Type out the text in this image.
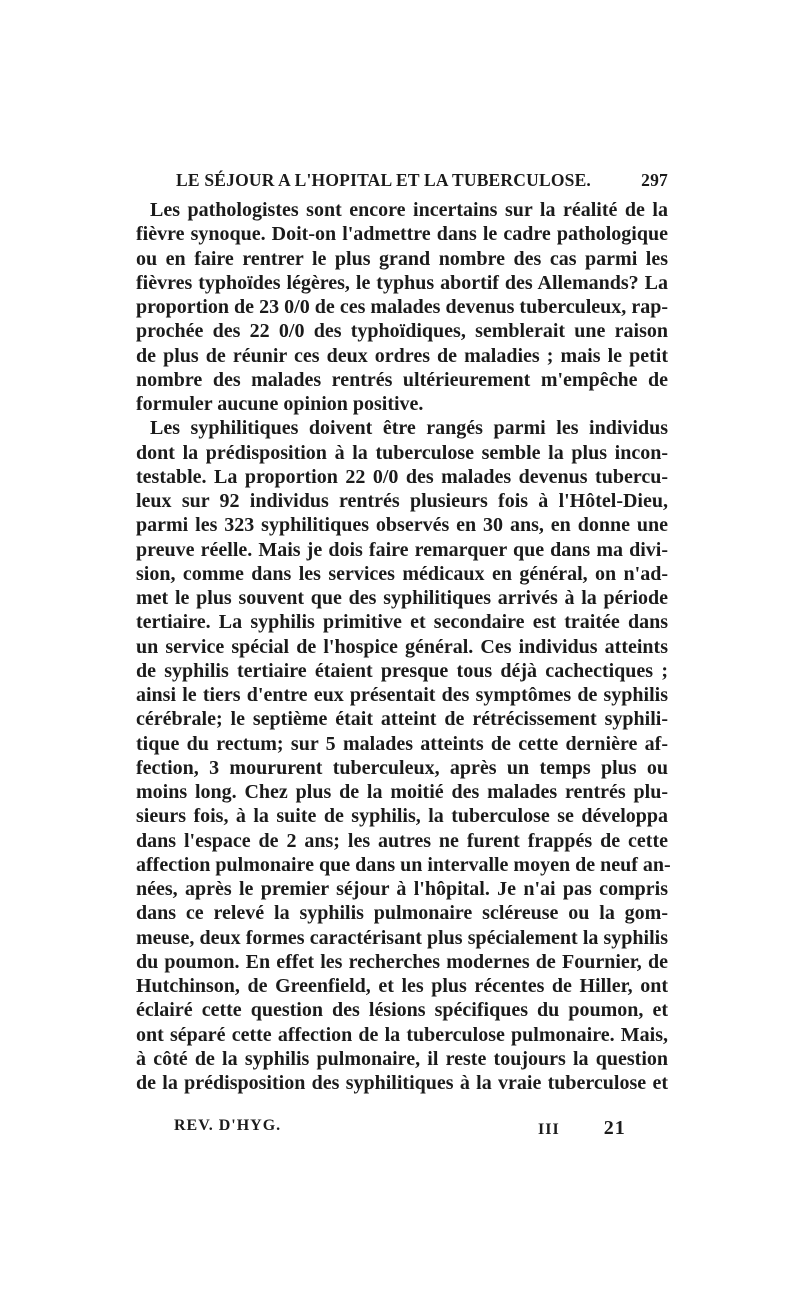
LE SÉJOUR A L'HOPITAL ET LA TUBERCULOSE.	297
Les pathologistes sont encore incertains sur la réalité de la
fièvre synoque. Doit-on l'admettre dans le cadre pathologique
ou en faire rentrer le plus grand nombre des cas parmi les
fièvres typhoïdes légères, le typhus abortif des Allemands? La
proportion de 23 0/0 de ces malades devenus tuberculeux, rap-
prochée des 22 0/0 des typhoïdiques, semblerait une raison
de plus de réunir ces deux ordres de maladies ; mais le petit
nombre des malades rentrés ultérieurement m'empêche de
formuler aucune opinion positive.
Les syphilitiques doivent être rangés parmi les individus
dont la prédisposition à la tuberculose semble la plus incon-
testable. La proportion 22 0/0 des malades devenus tubercu-
leux sur 92 individus rentrés plusieurs fois à l'Hôtel-Dieu,
parmi les 323 syphilitiques observés en 30 ans, en donne une
preuve réelle. Mais je dois faire remarquer que dans ma divi-
sion, comme dans les services médicaux en général, on n'ad-
met le plus souvent que des syphilitiques arrivés à la période
tertiaire. La syphilis primitive et secondaire est traitée dans
un service spécial de l'hospice général. Ces individus atteints
de syphilis tertiaire étaient presque tous déjà cachectiques ;
ainsi le tiers d'entre eux présentait des symptômes de syphilis
cérébrale; le septième était atteint de rétrécissement syphili-
tique du rectum; sur 5 malades atteints de cette dernière af-
fection, 3 moururent tuberculeux, après un temps plus ou
moins long. Chez plus de la moitié des malades rentrés plu-
sieurs fois, à la suite de syphilis, la tuberculose se développa
dans l'espace de 2 ans; les autres ne furent frappés de cette
affection pulmonaire que dans un intervalle moyen de neuf an-
nées, après le premier séjour à l'hôpital. Je n'ai pas compris
dans ce relevé la syphilis pulmonaire scléreuse ou la gom-
meuse, deux formes caractérisant plus spécialement la syphilis
du poumon. En effet les recherches modernes de Fournier, de
Hutchinson, de Greenfield, et les plus récentes de Hiller, ont
éclairé cette question des lésions spécifiques du poumon, et
ont séparé cette affection de la tuberculose pulmonaire. Mais,
à côté de la syphilis pulmonaire, il reste toujours la question
de la prédisposition des syphilitiques à la vraie tuberculose et
REV. D'HYG.	III 21
